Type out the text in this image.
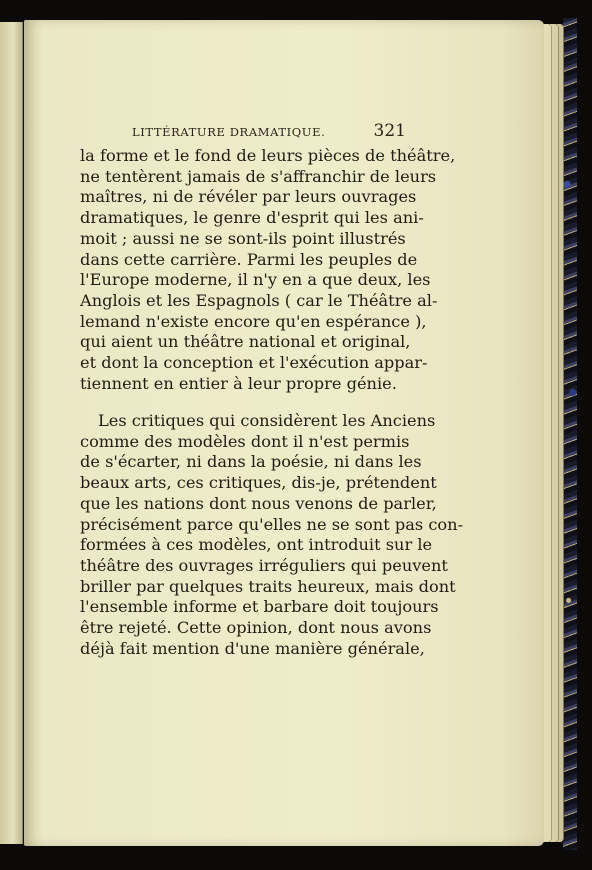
LITTÉRATURE DRAMATIQUE.	321
la forme et le fond de leurs pièces de théâtre,
ne tentèrent jamais de s'affranchir de leurs
maîtres, ni de révéler par leurs ouvrages
dramatiques, le genre d'esprit qui les ani-
moit ; aussi ne se sont-ils point illustrés
dans cette carrière. Parmi les peuples de
l'Europe moderne, il n'y en a que deux, les
Anglois et les Espagnols ( car le Théâtre al-
lemand n'existe encore qu'en espérance ),
qui aient un théâtre national et original,
et dont la conception et l'exécution appar-
tiennent en entier à leur propre génie.
Les critiques qui considèrent les Anciens
comme des modèles dont il n'est permis
de s'écarter, ni dans la poésie, ni dans les
beaux arts, ces critiques, dis-je, prétendent
que les nations dont nous venons de parler,
précisément parce qu'elles ne se sont pas con-
formées à ces modèles, ont introduit sur le
théâtre des ouvrages irréguliers qui peuvent
briller par quelques traits heureux, mais dont
l'ensemble informe et barbare doit toujours
être rejeté. Cette opinion, dont nous avons
déjà fait mention d'une manière générale,
